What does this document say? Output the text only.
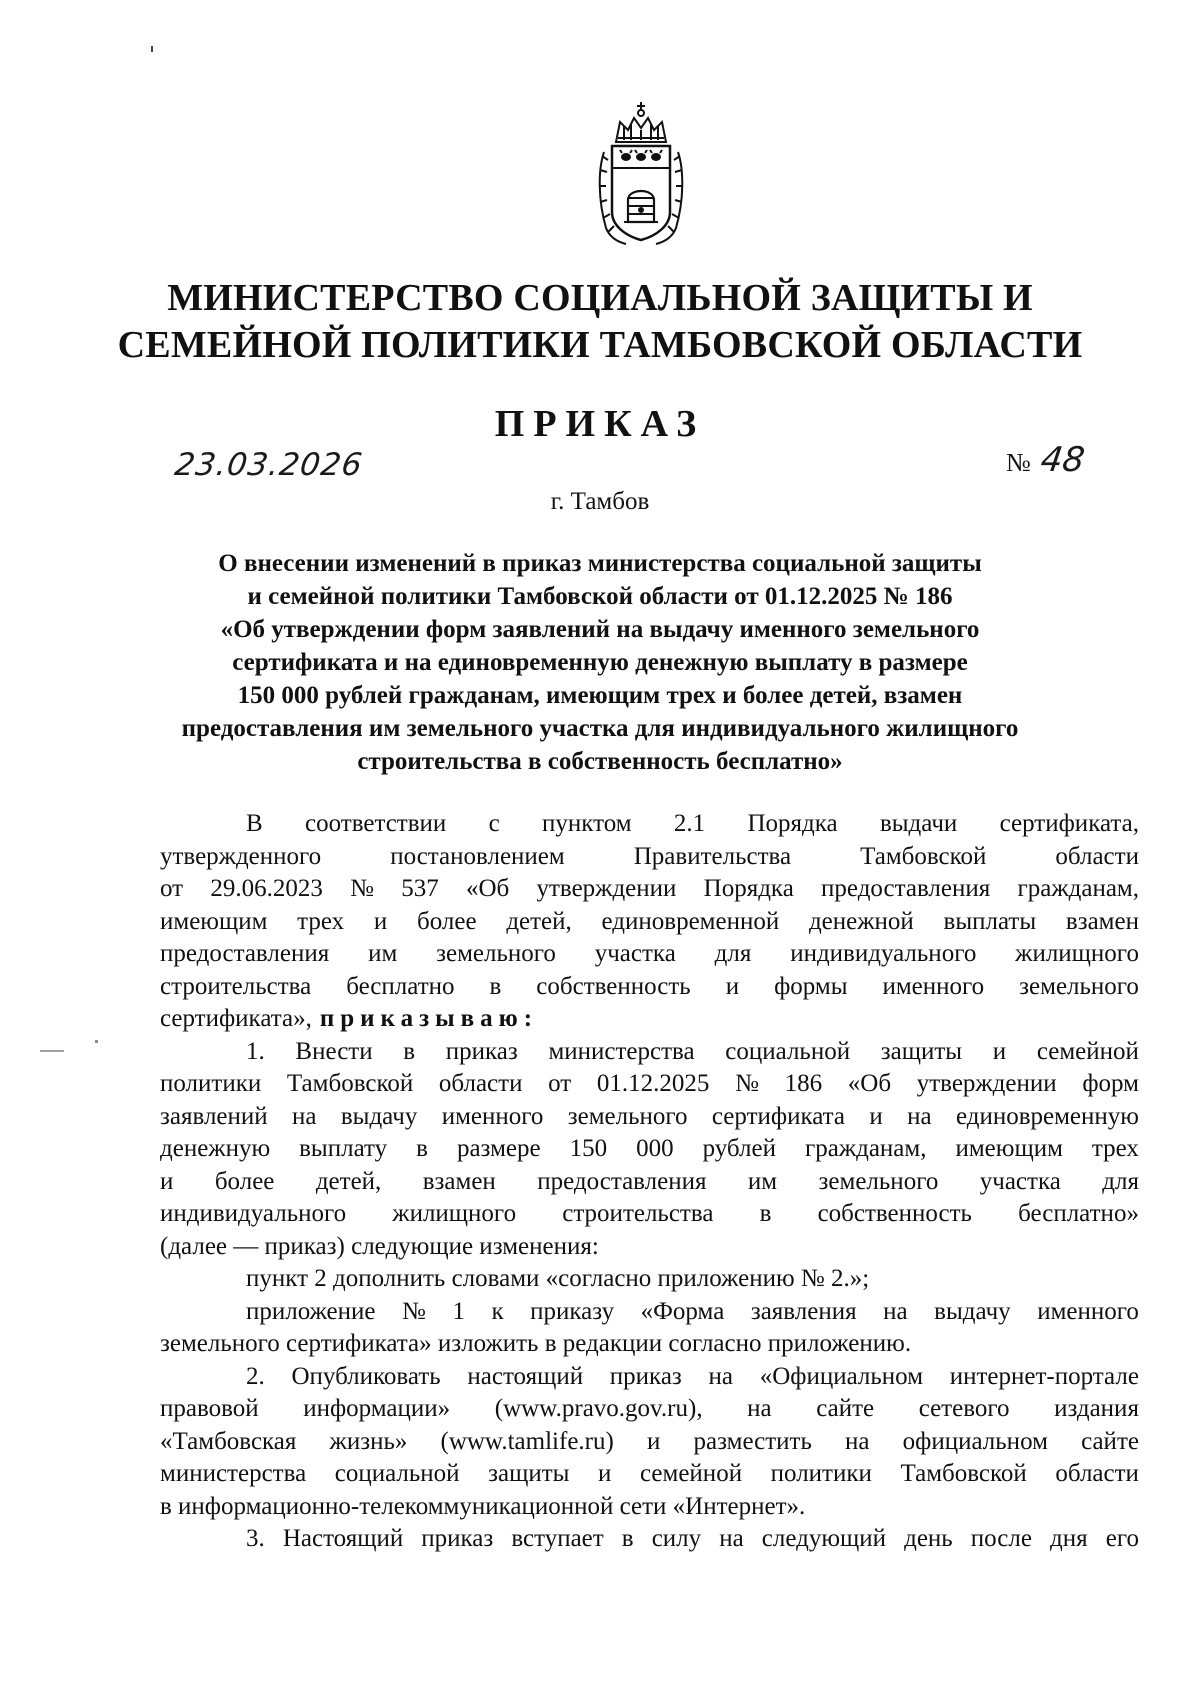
МИНИСТЕРСТВО СОЦИАЛЬНОЙ ЗАЩИТЫ И
СЕМЕЙНОЙ ПОЛИТИКИ ТАМБОВСКОЙ ОБЛАСТИ
ПРИКАЗ
23.03.2026	№ 48
г. Тамбов
О внесении изменений в приказ министерства социальной защиты
и семейной политики Тамбовской области от 01.12.2025 № 186
«Об утверждении форм заявлений на выдачу именного земельного
сертификата и на единовременную денежную выплату в размере
150 000 рублей гражданам, имеющим трех и более детей, взамен
предоставления им земельного участка для индивидуального жилищного
строительства в собственность бесплатно»
В соответствии с пунктом 2.1 Порядка выдачи сертификата,
утвержденного	постановлением	Правительства	Тамбовской	области
от 29.06.2023 № 537 «Об утверждении Порядка предоставления гражданам,
имеющим трех и более детей, единовременной денежной выплаты взамен
предоставления им земельного участка для индивидуального жилищного
строительства бесплатно в собственность и формы именного земельного
сертификата», приказываю :
1. Внести в приказ министерства социальной защиты и семейной
политики Тамбовской области от 01.12.2025 № 186 «Об утверждении форм
заявлений на выдачу именного земельного сертификата и на единовременную
денежную выплату в размере 150 000 рублей гражданам, имеющим трех
и более детей, взамен предоставления им земельного участка для
индивидуального жилищного строительства в собственность бесплатно»
(далее — приказ) следующие изменения:
пункт 2 дополнить словами «согласно приложению № 2.»;
приложение № 1 к приказу «Форма заявления на выдачу именного
земельного сертификата» изложить в редакции согласно приложению.
2. Опубликовать настоящий приказ на «Официальном интернет-портале
правовой информации» (www.pravo.gov.ru), на сайте сетевого издания
«Тамбовская жизнь» (www.tamlife.ru) и разместить на официальном сайте
министерства социальной защиты и семейной политики Тамбовской области
в информационно-телекоммуникационной сети «Интернет».
3. Настоящий приказ вступает в силу на следующий день после дня его
